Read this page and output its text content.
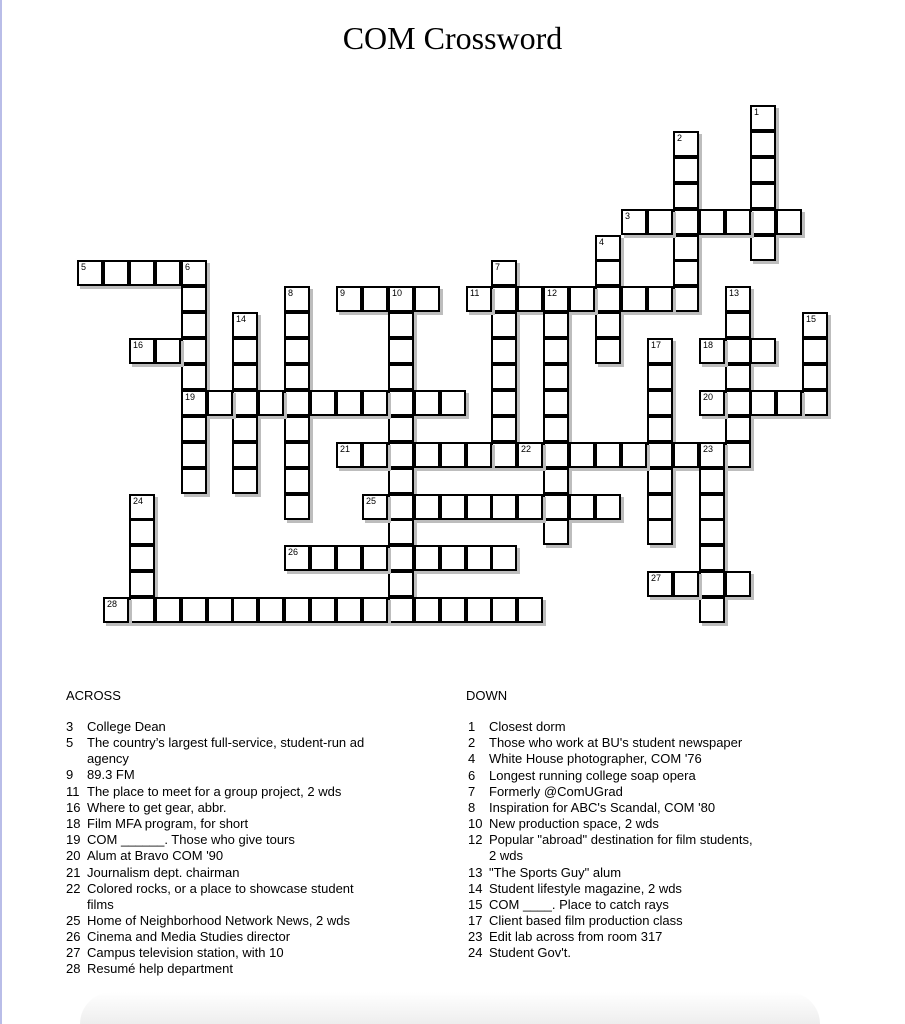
COM Crossword
1
2
3
4
5	6
19
7
8	9	10	11	12	13
14	15
16	17	18
20
21	22	23
24	25
26
27
28
ACROSS
3 College Dean
5 The country’s largest full-service, student-run ad agency
9 89.3 FM
11 The place to meet for a group project, 2 wds
16 Where to get gear, abbr.
18 Film MFA program, for short
19 COM ______. Those who give tours
20 Alum at Bravo COM '90
21 Journalism dept. chairman
22 Colored rocks, or a place to showcase student films
25 Home of Neighborhood Network News, 2 wds
26 Cinema and Media Studies director
27 Campus television station, with 10
28 Resumé help department
DOWN
1 Closest dorm
2 Those who work at BU's student newspaper
4 White House photographer, COM '76
6 Longest running college soap opera
7 Formerly @ComUGrad
8 Inspiration for ABC's Scandal, COM '80
10 New production space, 2 wds
12 Popular "abroad" destination for film students, 2 wds
13 "The Sports Guy" alum
14 Student lifestyle magazine, 2 wds
15 COM ____. Place to catch rays
17 Client based film production class
23 Edit lab across from room 317
24 Student Gov't.
